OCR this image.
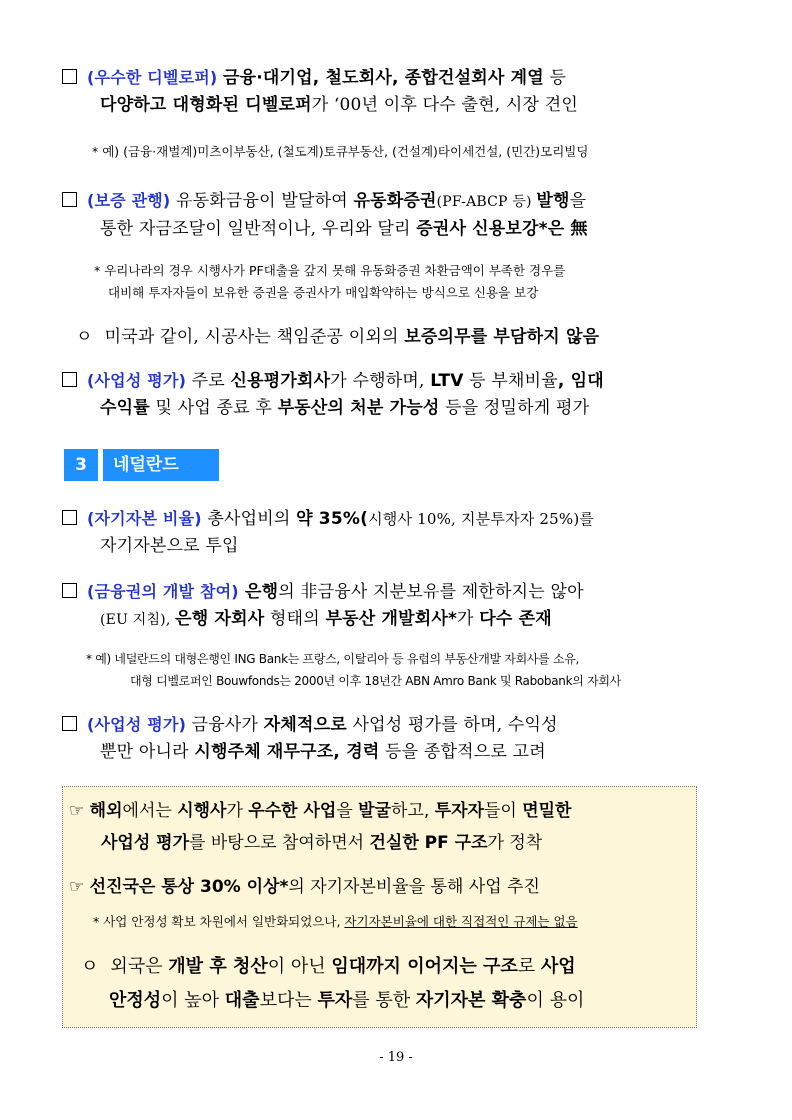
(우수한 디벨로퍼) 금융·대기업, 철도회사, 종합건설회사 계열 등
다양하고 대형화된 디벨로퍼가 ‘00년 이후 다수 출현, 시장 견인
* 예) (금융·재벌계)미츠이부동산, (철도계)토큐부동산, (건설계)타이세건설, (민간)모리빌딩
(보증 관행) 유동화금융이 발달하여 유동화증권(PF-ABCP 등) 발행을
통한 자금조달이 일반적이나, 우리와 달리 증권사 신용보강*은 無
* 우리나라의 경우 시행사가 PF대출을 갚지 못해 유동화증권 차환금액이 부족한 경우를
대비해 투자자들이 보유한 증권을 증권사가 매입확약하는 방식으로 신용을 보강
ㅇ 미국과 같이, 시공사는 책임준공 이외의 보증의무를 부담하지 않음
(사업성 평가) 주로 신용평가회사가 수행하며, LTV 등 부채비율, 임대
수익률 및 사업 종료 후 부동산의 처분 가능성 등을 정밀하게 평가
3	네덜란드
(자기자본 비율) 총사업비의 약 35%(시행사 10%, 지분투자자 25%)를
자기자본으로 투입
(금융권의 개발 참여) 은행의 非금융사 지분보유를 제한하지는 않아
(EU 지침), 은행 자회사 형태의 부동산 개발회사*가 다수 존재
* 예) 네덜란드의 대형은행인 ING Bank는 프랑스, 이탈리아 등 유럽의 부동산개발 자회사를 소유,
대형 디벨로퍼인 Bouwfonds는 2000년 이후 18년간 ABN Amro Bank 및 Rabobank의 자회사
(사업성 평가) 금융사가 자체적으로 사업성 평가를 하며, 수익성
뿐만 아니라 시행주체 재무구조, 경력 등을 종합적으로 고려
☞ 해외에서는 시행사가 우수한 사업을 발굴하고, 투자자들이 면밀한
사업성 평가를 바탕으로 참여하면서 건실한 PF 구조가 정착
☞ 선진국은 통상 30% 이상*의 자기자본비율을 통해 사업 추진
* 사업 안정성 확보 차원에서 일반화되었으나, 자기자본비율에 대한 직접적인 규제는 없음
ㅇ 외국은 개발 후 청산이 아닌 임대까지 이어지는 구조로 사업
안정성이 높아 대출보다는 투자를 통한 자기자본 확충이 용이
- 19 -
